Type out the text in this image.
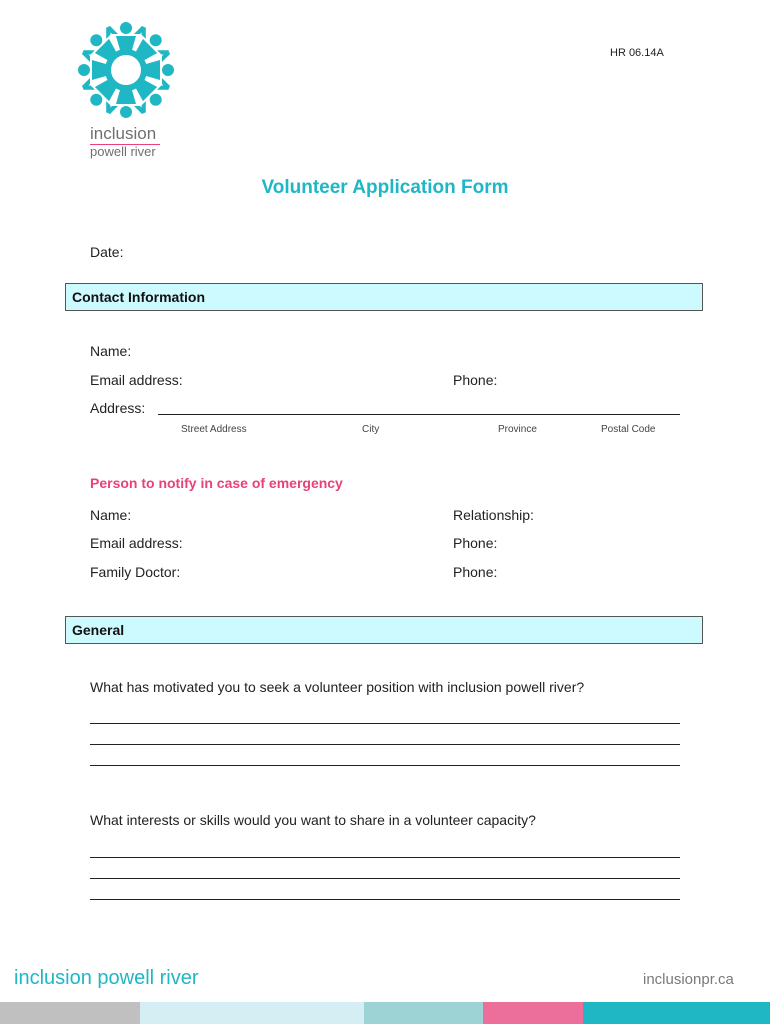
inclusion
powell river
HR 06.14A
Volunteer Application Form
Date:
Contact Information
Name:
Email address:	Phone:
Address:
Street Address	City	Province	Postal Code
Person to notify in case of emergency
Name:	Relationship:
Email address:	Phone:
Family Doctor:	Phone:
General
What has motivated you to seek a volunteer position with inclusion powell river?
What interests or skills would you want to share in a volunteer capacity?
inclusion powell river	inclusionpr.ca
